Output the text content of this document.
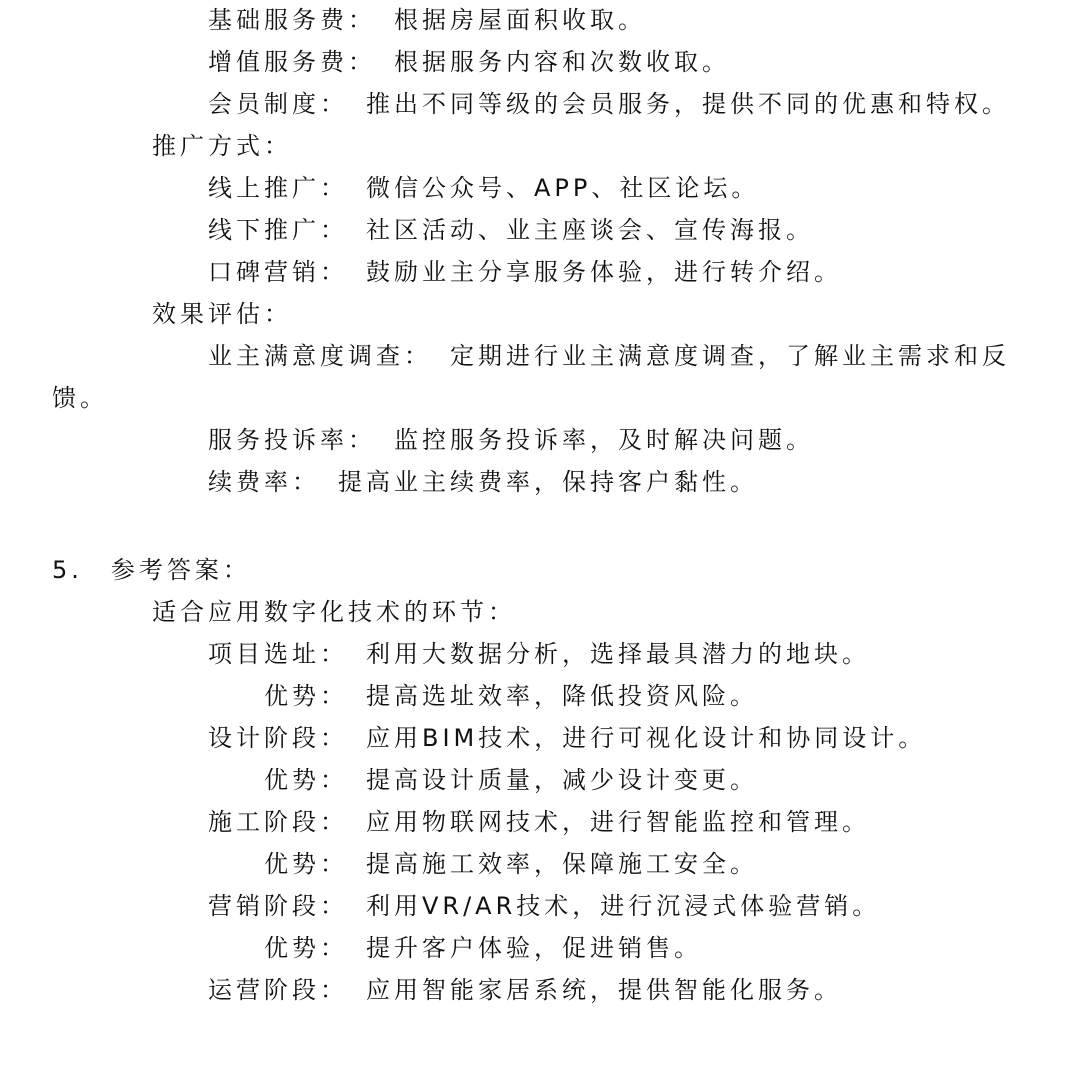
基础服务费： 根据房屋面积收取。
增值服务费： 根据服务内容和次数收取。
会员制度： 推出不同等级的会员服务，提供不同的优惠和特权。
推广方式：
线上推广： 微信公众号、APP、社区论坛。
线下推广： 社区活动、业主座谈会、宣传海报。
口碑营销： 鼓励业主分享服务体验，进行转介绍。
效果评估：
业主满意度调查： 定期进行业主满意度调查，了解业主需求和反
馈。
服务投诉率： 监控服务投诉率，及时解决问题。
续费率： 提高业主续费率，保持客户黏性。
5. 参考答案：
适合应用数字化技术的环节：
项目选址： 利用大数据分析，选择最具潜力的地块。
优势： 提高选址效率，降低投资风险。
设计阶段： 应用BIM技术，进行可视化设计和协同设计。
优势： 提高设计质量，减少设计变更。
施工阶段： 应用物联网技术，进行智能监控和管理。
优势： 提高施工效率，保障施工安全。
营销阶段： 利用VR/AR技术，进行沉浸式体验营销。
优势： 提升客户体验，促进销售。
运营阶段： 应用智能家居系统，提供智能化服务。
